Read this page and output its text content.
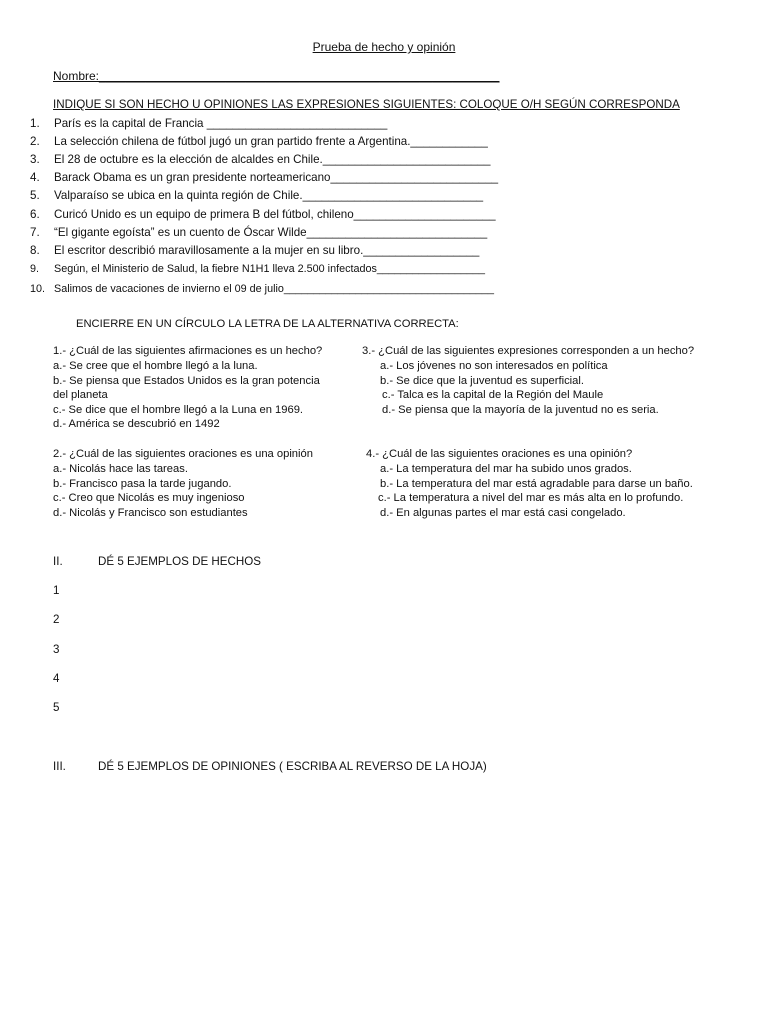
Prueba de hecho y opinión
Nombre:____________________________________________________________
INDIQUE SI SON HECHO U OPINIONES LAS EXPRESIONES SIGUIENTES: COLOQUE O/H SEGÚN CORRESPONDA
1. París es la capital de Francia ____________________________
2. La selección chilena de fútbol jugó un gran partido frente a Argentina.____________
3. El 28 de octubre es la elección de alcaldes en Chile.__________________________
4. Barack Obama es un gran presidente norteamericano__________________________
5. Valparaíso se ubica en la quinta región de Chile.____________________________
6. Curicó Unido es un equipo de primera B del fútbol, chileno______________________
7. “El gigante egoísta” es un cuento de Óscar Wilde____________________________
8. El escritor describió maravillosamente a la mujer en su libro.__________________
9. Según, el Ministerio de Salud, la fiebre N1H1 lleva 2.500 infectados__________________
10. Salimos de vacaciones de invierno el 09 de julio___________________________________
ENCIERRE EN UN CÍRCULO LA LETRA DE LA ALTERNATIVA CORRECTA:
1.- ¿Cuál de las siguientes afirmaciones es un hecho?
a.- Se cree que el hombre llegó a la luna.
b.- Se piensa que Estados Unidos es la gran potencia
del planeta
c.- Se dice que el hombre llegó a la Luna en 1969.
d.- América se descubrió en 1492
3.- ¿Cuál de las siguientes expresiones corresponden a un hecho?
a.- Los jóvenes no son interesados en política
b.- Se dice que la juventud es superficial.
c.- Talca es la capital de la Región del Maule
d.- Se piensa que la mayoría de la juventud no es seria.
2.- ¿Cuál de las siguientes oraciones es una opinión
a.- Nicolás hace las tareas.
b.- Francisco pasa la tarde jugando.
c.- Creo que Nicolás es muy ingenioso
d.- Nicolás y Francisco son estudiantes
4.- ¿Cuál de las siguientes oraciones es una opinión?
a.- La temperatura del mar ha subido unos grados.
b.- La temperatura del mar está agradable para darse un baño.
c.- La temperatura a nivel del mar es más alta en lo profundo.
d.- En algunas partes el mar está casi congelado.
II.	DÉ 5 EJEMPLOS DE HECHOS
1
2
3
4
5
III.	DÉ 5 EJEMPLOS DE OPINIONES ( ESCRIBA AL REVERSO DE LA HOJA)
